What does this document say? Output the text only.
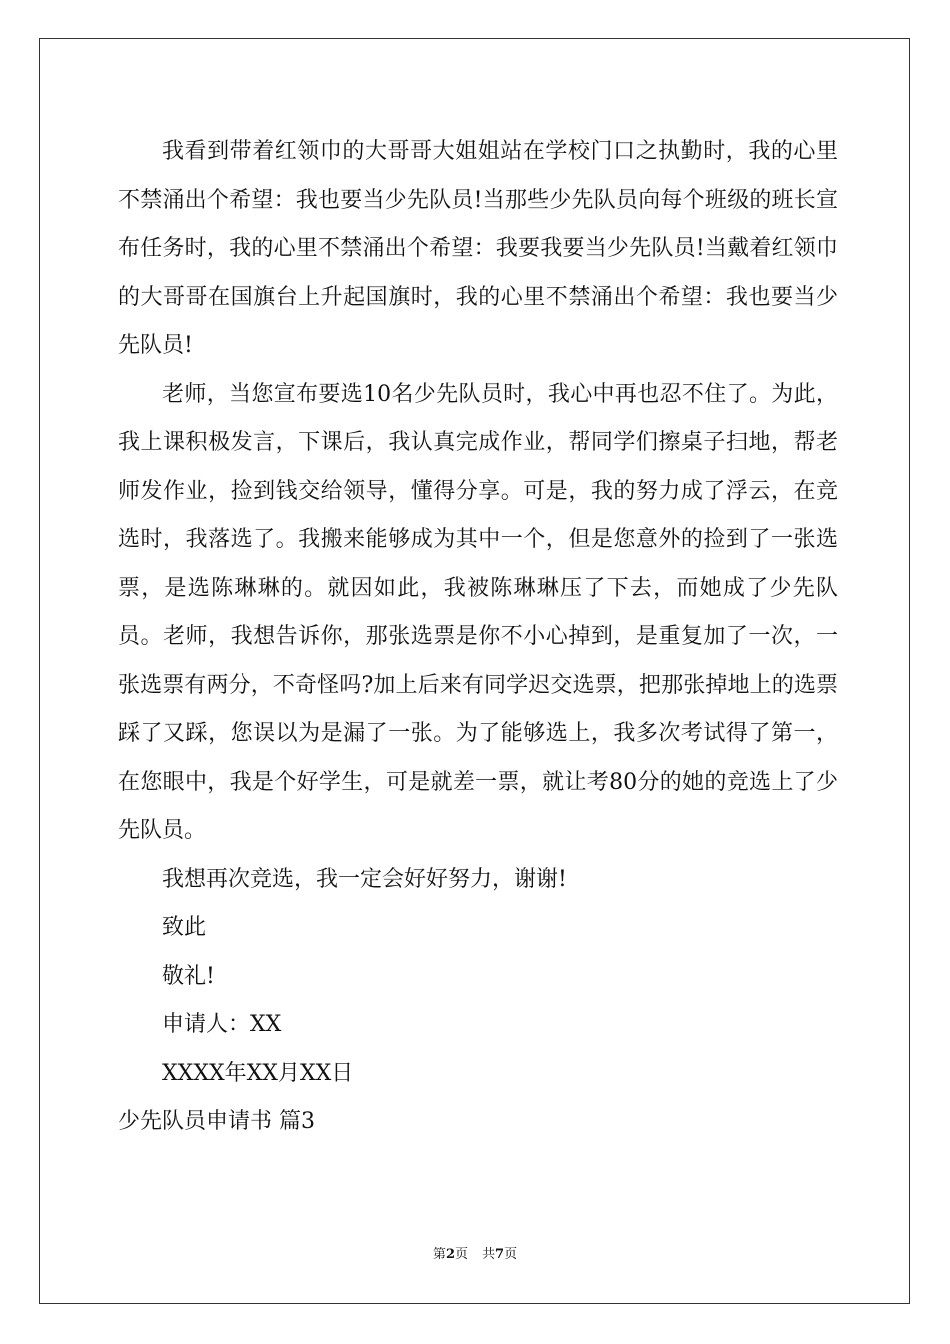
我看到带着红领巾的大哥哥大姐姐站在学校门口之执勤时，我的心里不禁涌出个希望：我也要当少先队员!当那些少先队员向每个班级的班长宣布任务时，我的心里不禁涌出个希望：我要我要当少先队员!当戴着红领巾的大哥哥在国旗台上升起国旗时，我的心里不禁涌出个希望：我也要当少先队员!

老师，当您宣布要选10名少先队员时，我心中再也忍不住了。为此，我上课积极发言，下课后，我认真完成作业，帮同学们擦桌子扫地，帮老师发作业，捡到钱交给领导，懂得分享。可是，我的努力成了浮云，在竞选时，我落选了。我搬来能够成为其中一个，但是您意外的捡到了一张选票，是选陈琳琳的。就因如此，我被陈琳琳压了下去，而她成了少先队员。老师，我想告诉你，那张选票是你不小心掉到，是重复加了一次，一张选票有两分，不奇怪吗?加上后来有同学迟交选票，把那张掉地上的选票踩了又踩，您误以为是漏了一张。为了能够选上，我多次考试得了第一，在您眼中，我是个好学生，可是就差一票，就让考80分的她的竞选上了少先队员。

我想再次竞选，我一定会好好努力，谢谢!

致此

敬礼!

申请人：XX

XXXX年XX月XX日

少先队员申请书 篇3

第2页 共7页
